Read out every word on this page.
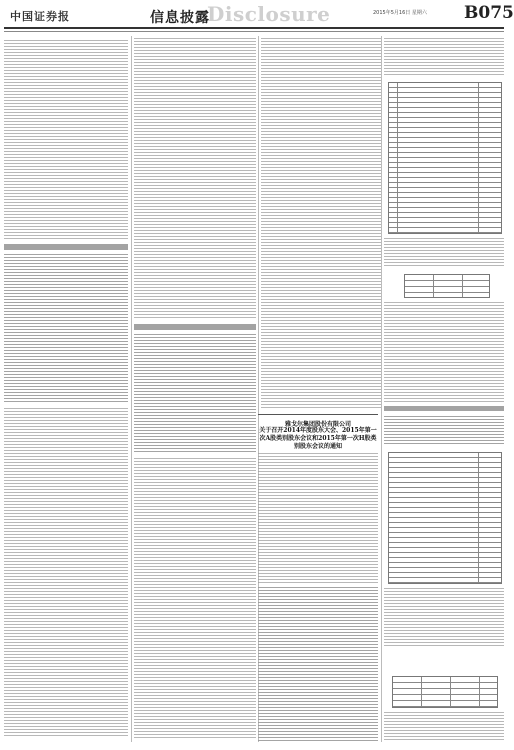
中国证券报	信息披露
Disclosure	2015年5月16日 星期六 B075
雅戈尔集团股份有限公司
关于召开2014年度股东大会、2015年第一次A股类别股东会议和2015年第一次H股类别股东会议的通知
